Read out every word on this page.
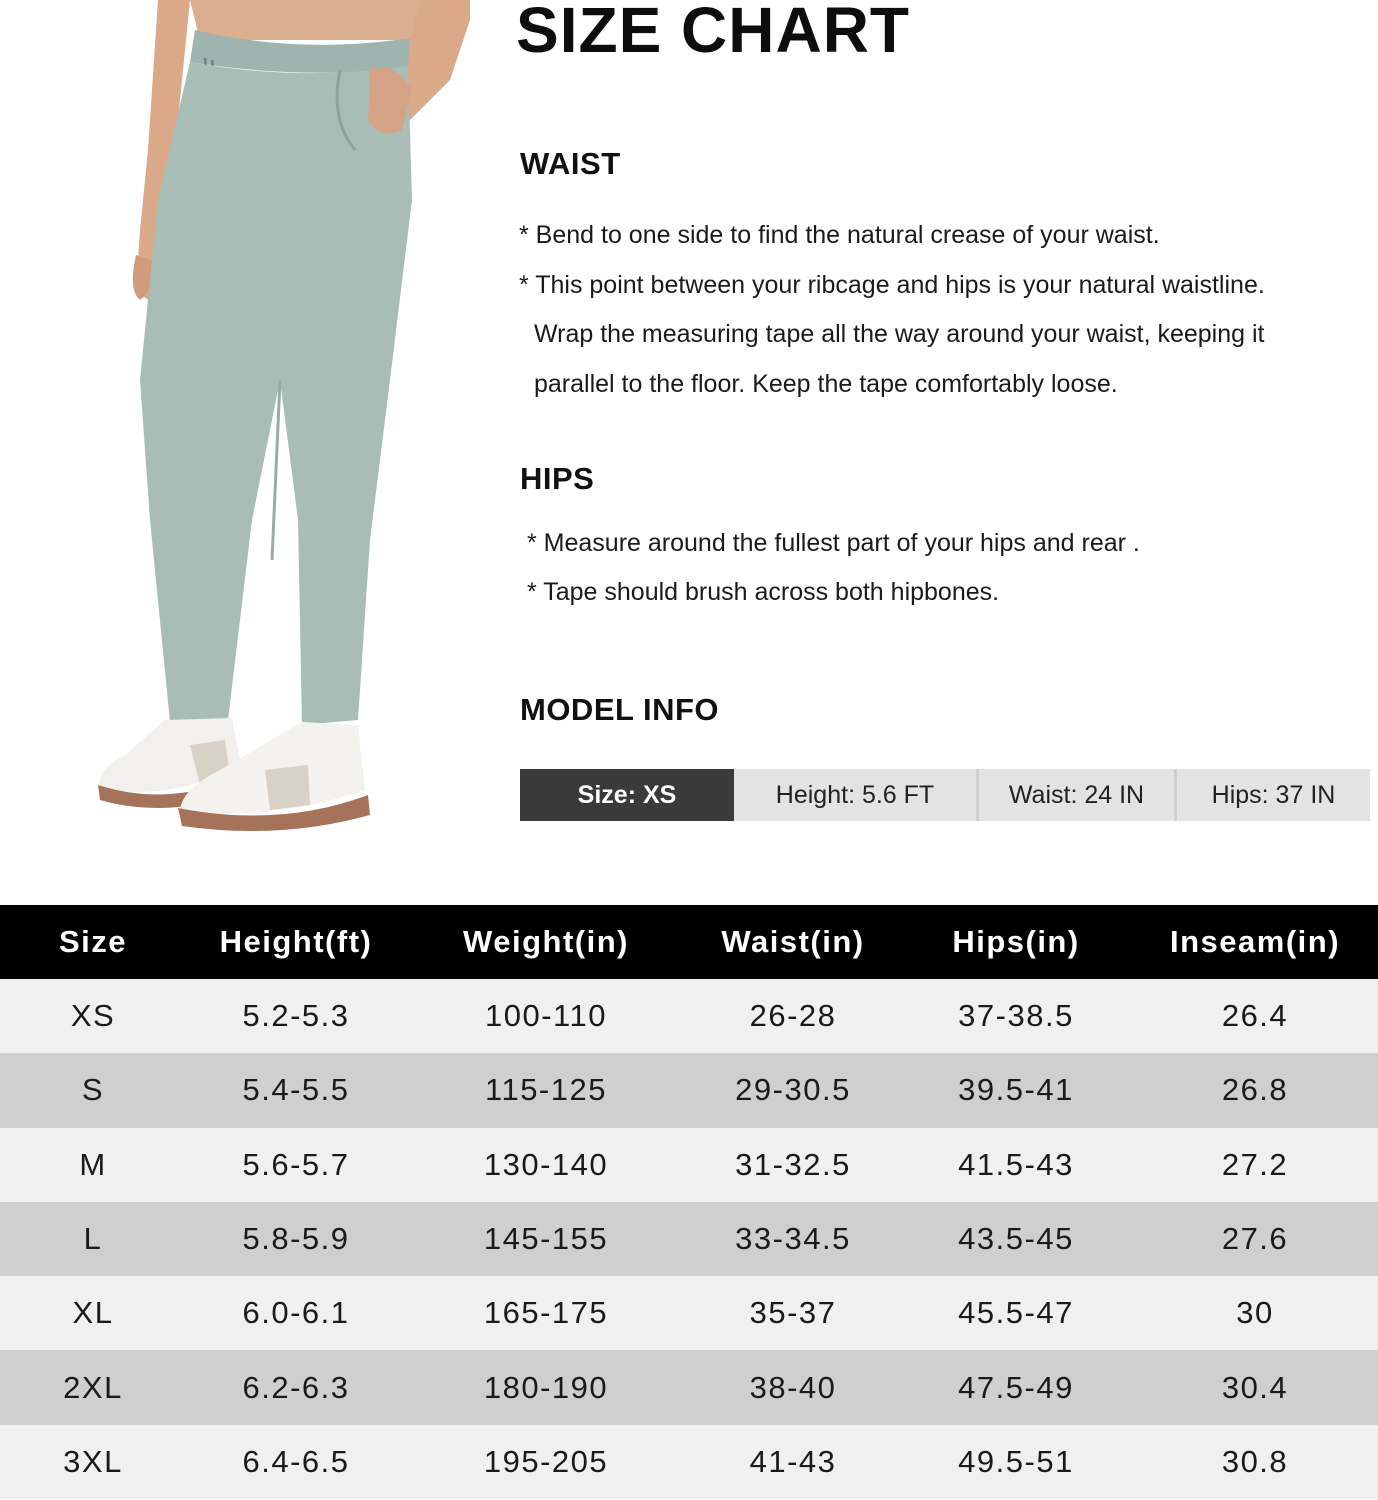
SIZE CHART
WAIST
* Bend to one side to find the natural crease of your waist.
* This point between your ribcage and hips is your natural waistline.
Wrap the measuring tape all the way around your waist, keeping it
parallel to the floor. Keep the tape comfortably loose.
HIPS
* Measure around the fullest part of your hips and rear .
* Tape should brush across both hipbones.
MODEL INFO
Size: XS	Height: 5.6 FT	Waist: 24 IN	Hips: 37 IN
Size	Height(ft)	Weight(in)	Waist(in)	Hips(in)	Inseam(in)
XS	5.2-5.3	100-110	26-28	37-38.5	26.4
S	5.4-5.5	115-125	29-30.5	39.5-41	26.8
M	5.6-5.7	130-140	31-32.5	41.5-43	27.2
L	5.8-5.9	145-155	33-34.5	43.5-45	27.6
XL	6.0-6.1	165-175	35-37	45.5-47	30
2XL	6.2-6.3	180-190	38-40	47.5-49	30.4
3XL	6.4-6.5	195-205	41-43	49.5-51	30.8
